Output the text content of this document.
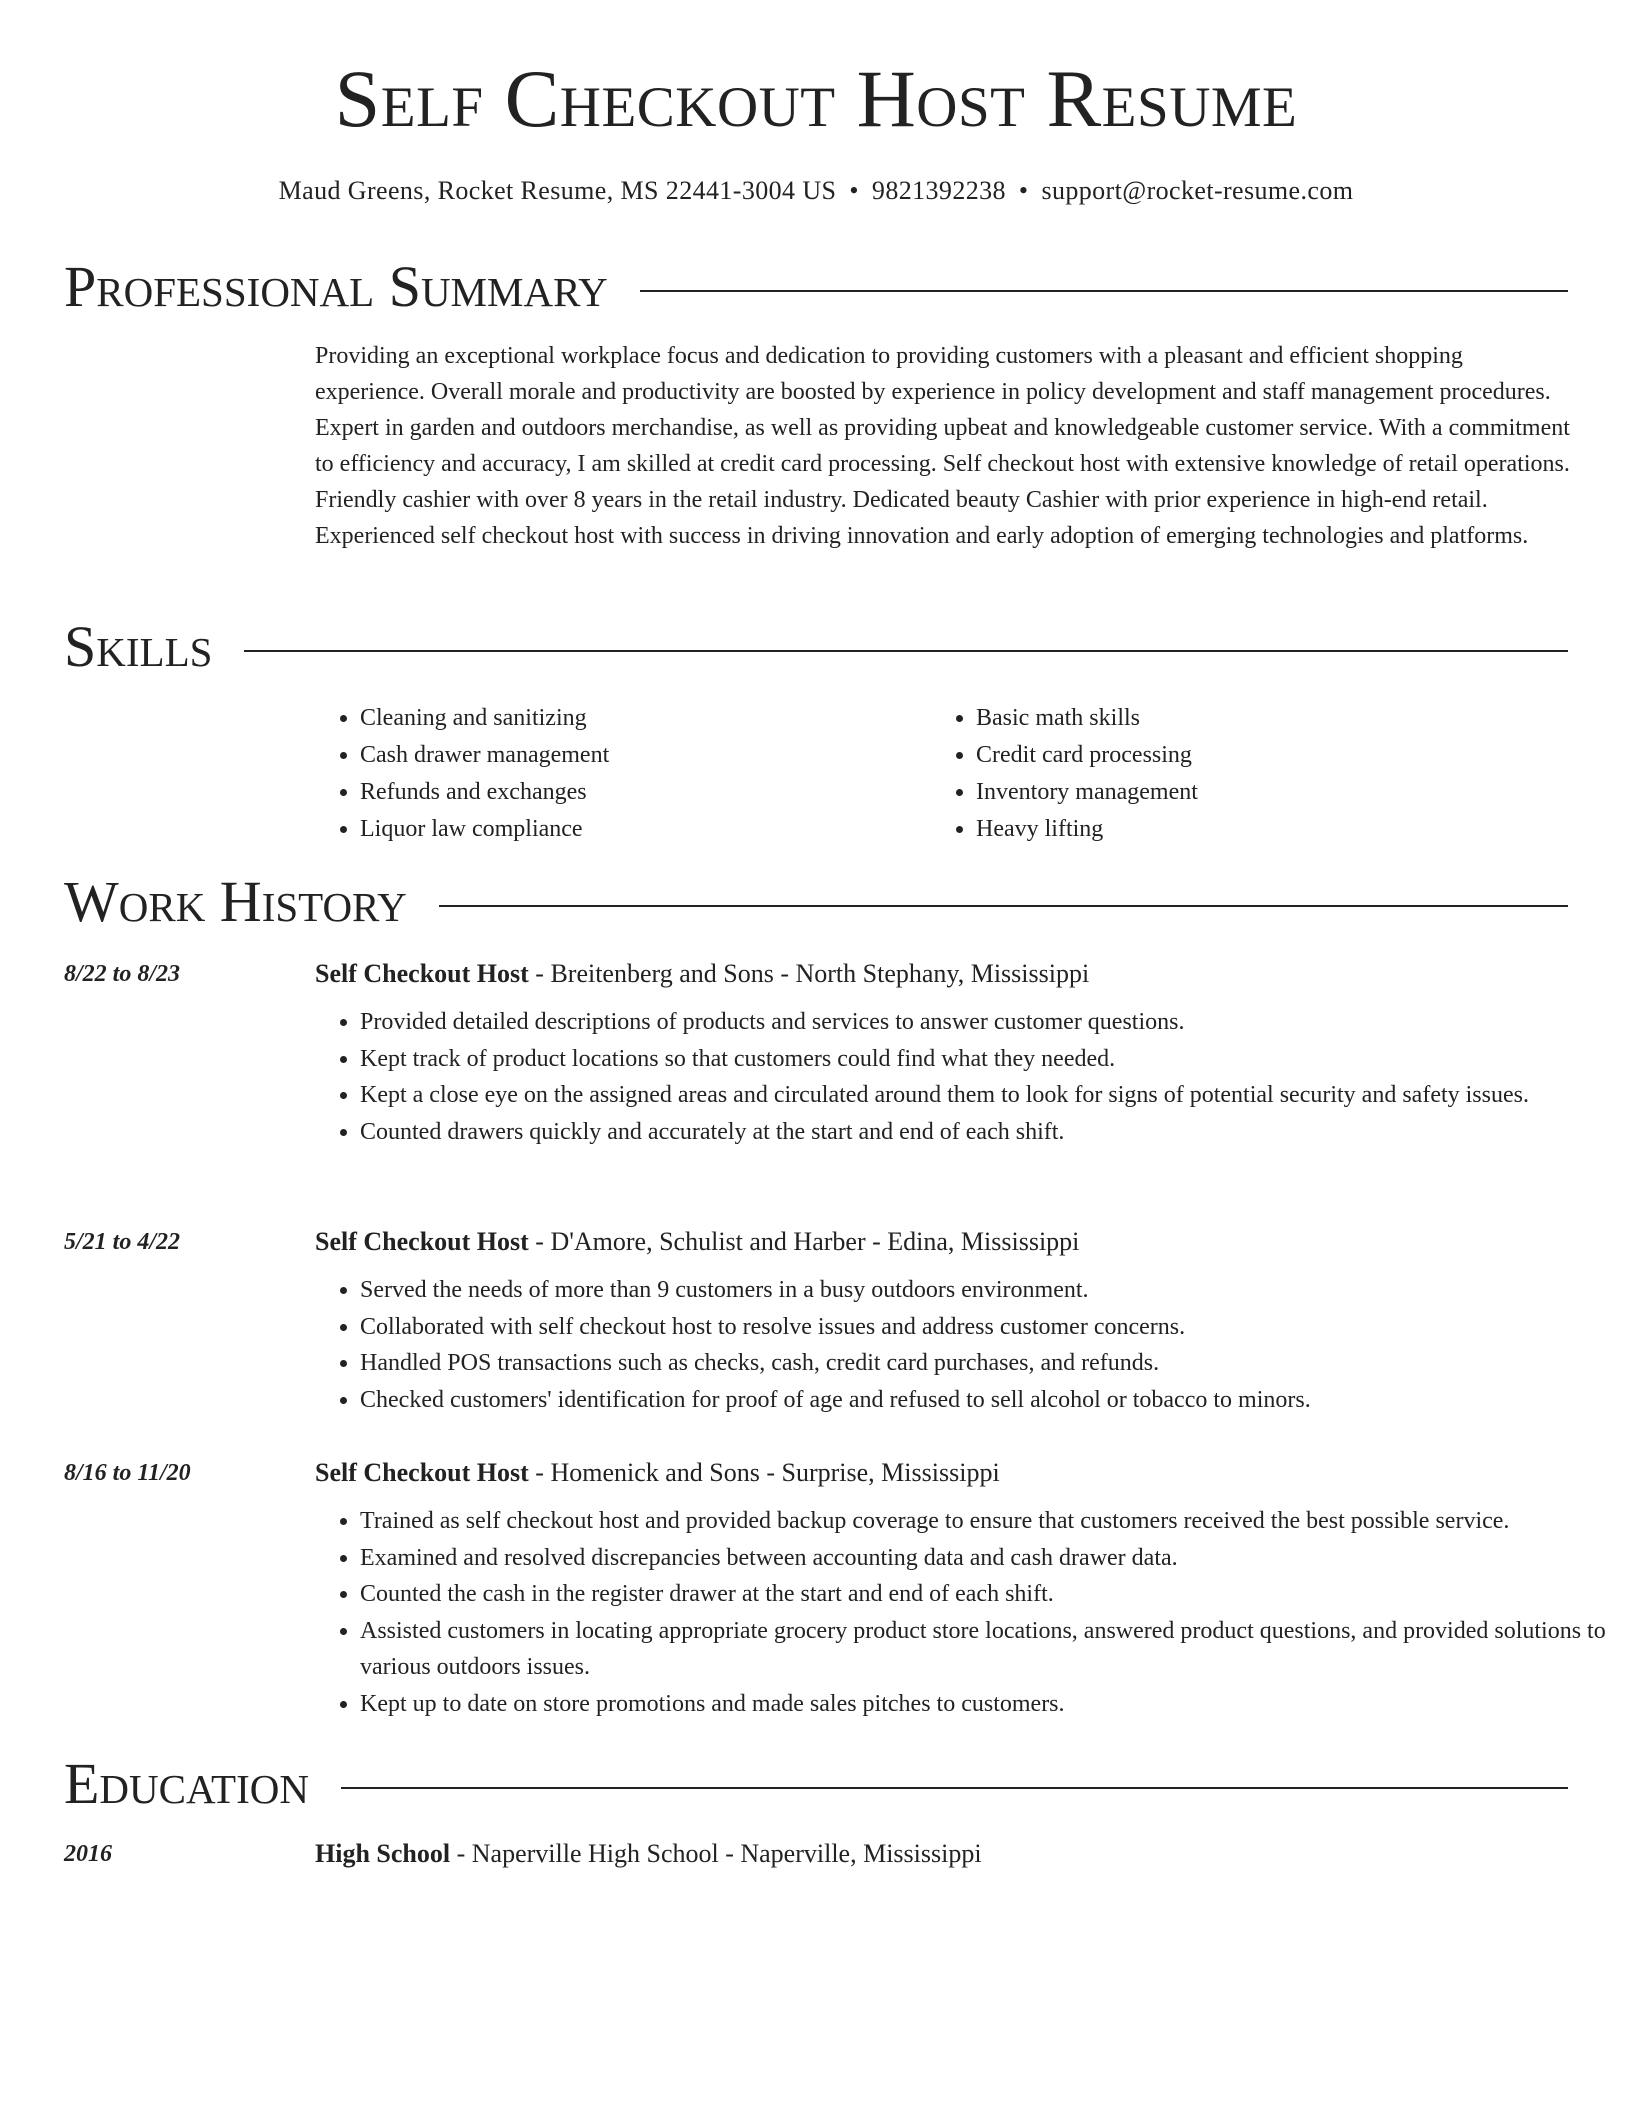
Self Checkout Host Resume
Maud Greens, Rocket Resume, MS 22441-3004 US • 9821392238 • support@rocket-resume.com
Professional Summary

Providing an exceptional workplace focus and dedication to providing customers with a pleasant and efficient shopping experience. Overall morale and productivity are boosted by experience in policy development and staff management procedures. Expert in garden and outdoors merchandise, as well as providing upbeat and knowledgeable customer service. With a commitment to efficiency and accuracy, I am skilled at credit card processing. Self checkout host with extensive knowledge of retail operations. Friendly cashier with over 8 years in the retail industry. Dedicated beauty Cashier with prior experience in high-end retail. Experienced self checkout host with success in driving innovation and early adoption of emerging technologies and platforms.

Skills
• Cleaning and sanitizing
• Cash drawer management
• Refunds and exchanges
• Liquor law compliance
• Basic math skills
• Credit card processing
• Inventory management
• Heavy lifting
Work History
8/22 to 8/23	Self Checkout Host - Breitenberg and Sons - North Stephany, Mississippi
• Provided detailed descriptions of products and services to answer customer questions.
• Kept track of product locations so that customers could find what they needed.
• Kept a close eye on the assigned areas and circulated around them to look for signs of potential security and safety issues.
• Counted drawers quickly and accurately at the start and end of each shift.
5/21 to 4/22	Self Checkout Host - D'Amore, Schulist and Harber - Edina, Mississippi
• Served the needs of more than 9 customers in a busy outdoors environment.
• Collaborated with self checkout host to resolve issues and address customer concerns.
• Handled POS transactions such as checks, cash, credit card purchases, and refunds.
• Checked customers' identification for proof of age and refused to sell alcohol or tobacco to minors.
8/16 to 11/20	Self Checkout Host - Homenick and Sons - Surprise, Mississippi
• Trained as self checkout host and provided backup coverage to ensure that customers received the best possible service.
• Examined and resolved discrepancies between accounting data and cash drawer data.
• Counted the cash in the register drawer at the start and end of each shift.
• Assisted customers in locating appropriate grocery product store locations, answered product questions, and provided solutions to various outdoors issues.
• Kept up to date on store promotions and made sales pitches to customers.
Education
2016	High School - Naperville High School - Naperville, Mississippi
